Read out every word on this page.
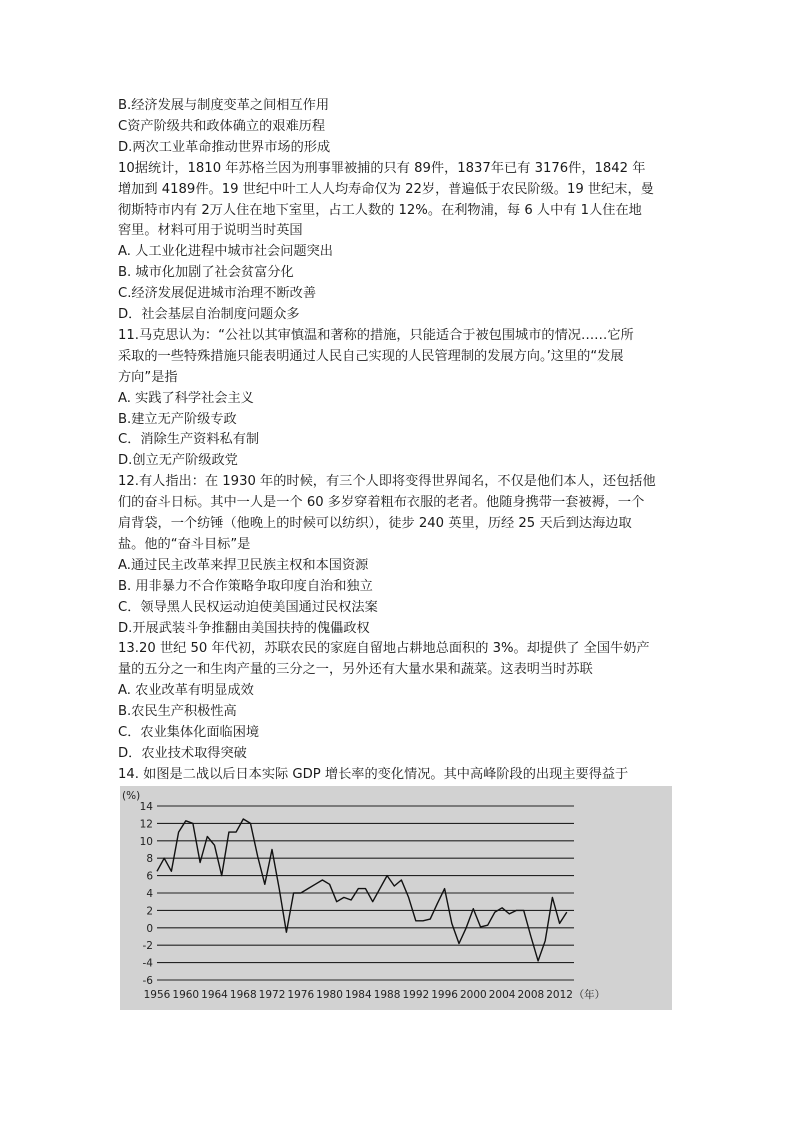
B.经济发展与制度变革之间相互作用
C资产阶级共和政体确立的艰难历程
D.两次工业革命推动世界市场的形成
10据统计，1810 年苏格兰因为刑事罪被捕的只有 89件，1837年已有 3176件，1842 年
增加到 4189件。19 世纪中叶工人人均寿命仅为 22岁，普遍低于农民阶级。19 世纪末，曼
彻斯特市内有 2万人住在地下室里，占工人数的 12%。在利物浦，每 6 人中有 1人住在地
窖里。材料可用于说明当时英国
A. 人工业化进程中城市社会问题突出
B. 城市化加剧了社会贫富分化
C.经济发展促进城市治理不断改善
D．社会基层自治制度问题众多
11.马克思认为：“公社以其审慎温和著称的措施，只能适合于被包围城市的情况……它所
采取的一些特殊措施只能表明通过人民自己实现的人民管理制的发展方向。’这里的“发展
方向”是指
A. 实践了科学社会主义
B.建立无产阶级专政
C．消除生产资料私有制
D.创立无产阶级政党
12.有人指出：在 1930 年的时候，有三个人即将变得世界闻名，不仅是他们本人，还包括他
们的奋斗日标。其中一人是一个 60 多岁穿着粗布衣服的老者。他随身携带一套被褥，一个
肩背袋，一个纺锤（他晚上的时候可以纺织），徒步 240 英里，历经 25 天后到达海边取
盐。他的“奋斗目标”是
A.通过民主改革来捍卫民族主权和本国资源
B. 用非暴力不合作策略争取印度自治和独立
C．领导黑人民权运动迫使美国通过民权法案
D.开展武装斗争推翻由美国扶持的傀儡政权
13.20 世纪 50 年代初，苏联农民的家庭自留地占耕地总面积的 3%。却提供了 全国牛奶产
量的五分之一和生肉产量的三分之一，另外还有大量水果和蔬菜。这表明当时苏联
A. 农业改革有明显成效
B.农民生产积极性高
C．农业集体化面临困境
D．农业技术取得突破
14. 如图是二战以后日本实际 GDP 增长率的变化情况。其中高峰阶段的出现主要得益于
14
12
10
8
6
4
2
0
-2
-4
-6
(%)
1956 1960 1964 1968 1972 1976 1980 1984 1988 1992 1996 2000 2004 2008 2012 （年）
